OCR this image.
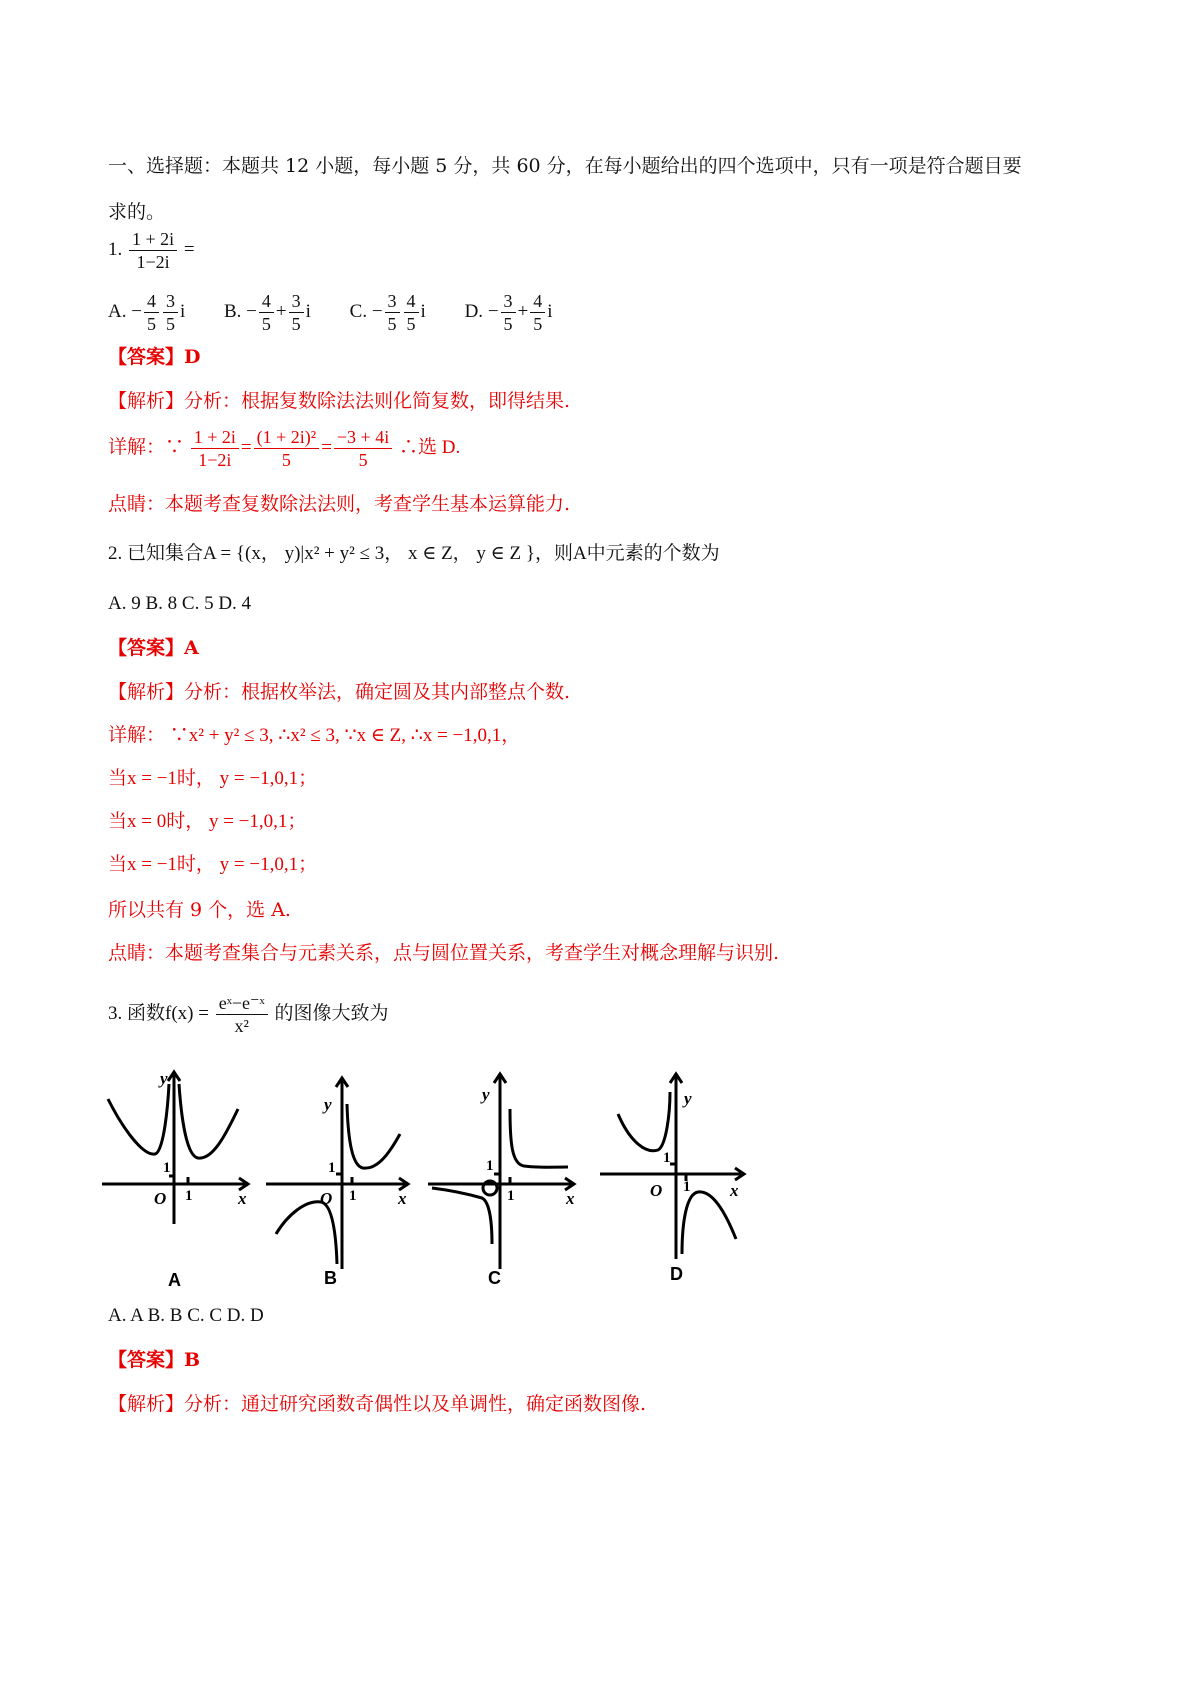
一、选择题：本题共 12 小题，每小题 5 分，共 60 分，在每小题给出的四个选项中，只有一项是符合题目要
求的。
1. $\frac{1 + 2i}{1-2i}$ =
A. − $\frac{4}{5} \frac{3}{5}$ i B. − $\frac{4}{5} + \frac{3}{5}$ i C. − $\frac{3}{5} \frac{4}{5}$ i D. − $\frac{3}{5} + \frac{4}{5}$ i
【答案】D
【解析】分析：根据复数除法法则化简复数，即得结果.
详解：∵ $\frac{1 + 2i}{1-2i} = \frac{\text{(1 + 2i)²}}{5} = \frac{-3 + 4i}{5}$ ∴选 D.
点睛：本题考查复数除法法则，考查学生基本运算能力.
2. 已知集合A = {(x， y)|x² + y² ≤ 3， x ∈ Z， y ∈ Z }，则A中元素的个数为
A. 9 B. 8 C. 5 D. 4
【答案】A
【解析】分析：根据枚举法，确定圆及其内部整点个数.
详解： ∵x² + y² ≤ 3, ∴x² ≤ 3, ∵x ∈ Z, ∴x = −1,0,1，
当x = −1时， y = −1,0,1；
当x = 0时， y = −1,0,1；
当x = −1时， y = −1,0,1；
所以共有 9 个，选 A.
点睛：本题考查集合与元素关系，点与圆位置关系，考查学生对概念理解与识别.
3. 函数$f(x) = \frac{\text{eˣ−e⁻ˣ}}{\text{x²}}$ 的图像大致为
y
x
O
y
x
O
y
x
y
x
O
1
1
1
1
1
1
1
1
A	B	C	D
A. A B. B C. C D. D
【答案】B
【解析】分析：通过研究函数奇偶性以及单调性，确定函数图像.
